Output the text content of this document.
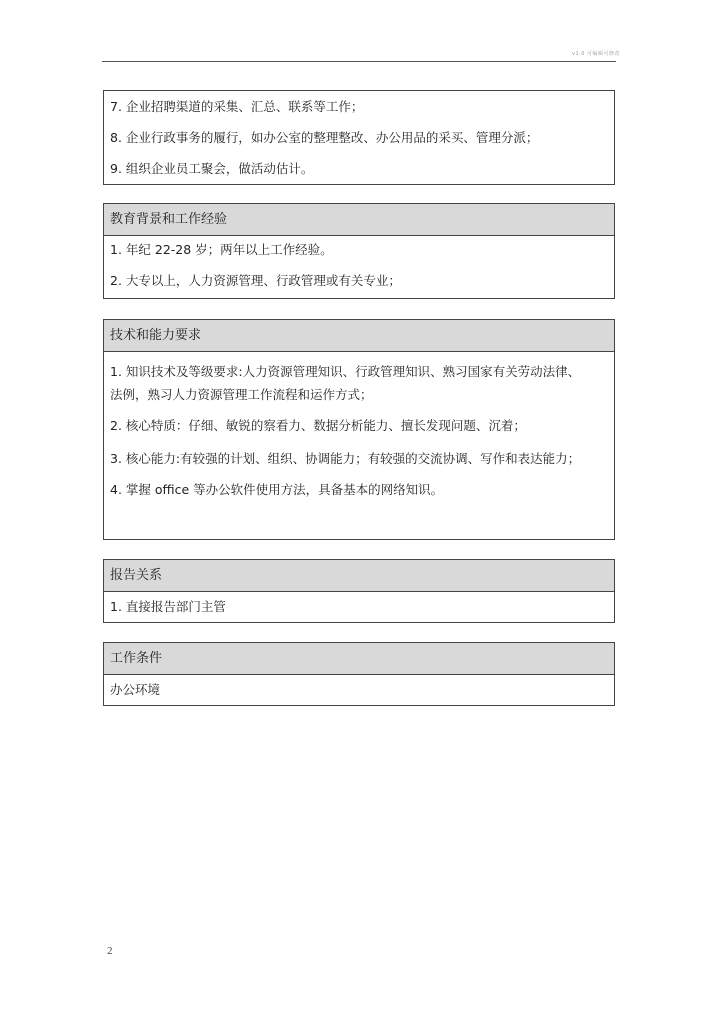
v1.0 可编辑可修改
7. 企业招聘渠道的采集、汇总、联系等工作；
8. 企业行政事务的履行，如办公室的整理整改、办公用品的采买、管理分派；
9. 组织企业员工聚会，做活动估计。
教育背景和工作经验
1. 年纪 22-28 岁；两年以上工作经验。
2. 大专以上，人力资源管理、行政管理或有关专业；
技术和能力要求
1. 知识技术及等级要求:人力资源管理知识、行政管理知识、熟习国家有关劳动法律、法例，熟习人力资源管理工作流程和运作方式；
2. 核心特质：仔细、敏锐的察看力、数据分析能力、擅长发现问题、沉着；
3. 核心能力:有较强的计划、组织、协调能力；有较强的交流协调、写作和表达能力；
4. 掌握 office 等办公软件使用方法，具备基本的网络知识。
报告关系
1. 直接报告部门主管
工作条件
办公环境
2
